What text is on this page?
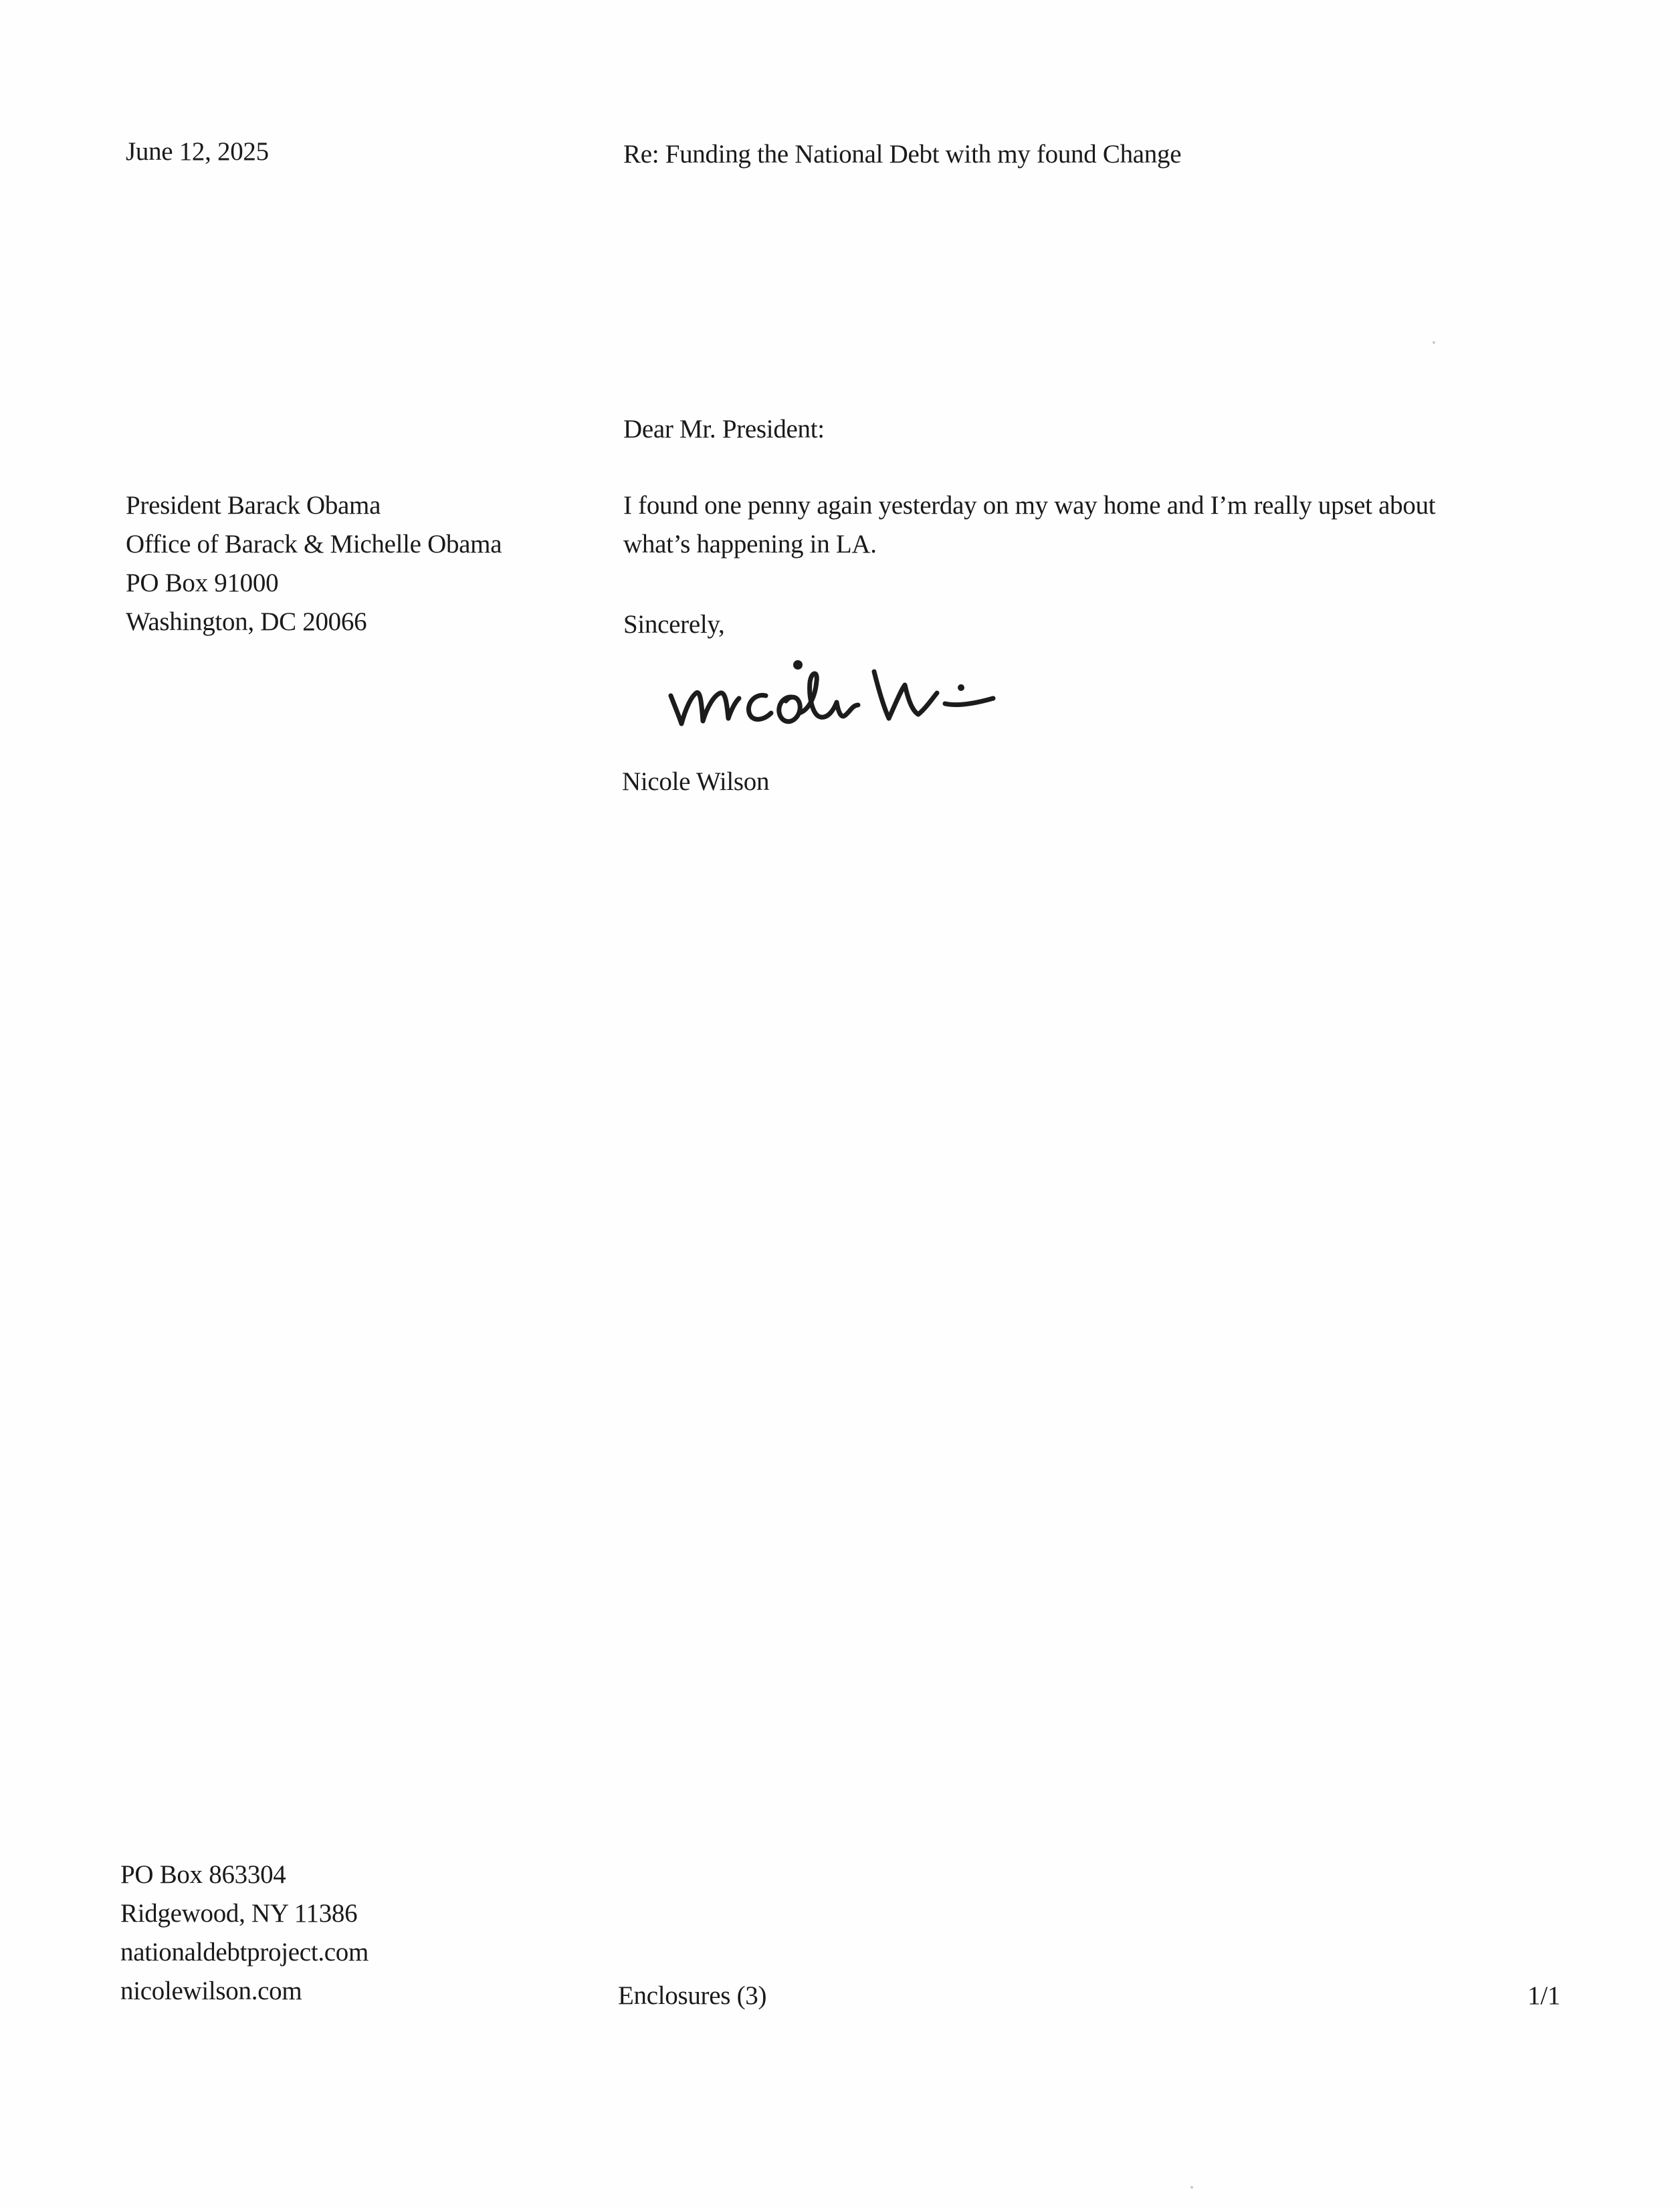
June 12, 2025	Re: Funding the National Debt with my found Change
Dear Mr. President:
President Barack Obama
Office of Barack & Michelle Obama
PO Box 91000
Washington, DC 20066
I found one penny again yesterday on my way home and I’m really upset about
what’s happening in LA.
Sincerely,
Nicole Wilson
PO Box 863304
Ridgewood, NY 11386
nationaldebtproject.com
nicolewilson.com	Enclosures (3)	1/1
